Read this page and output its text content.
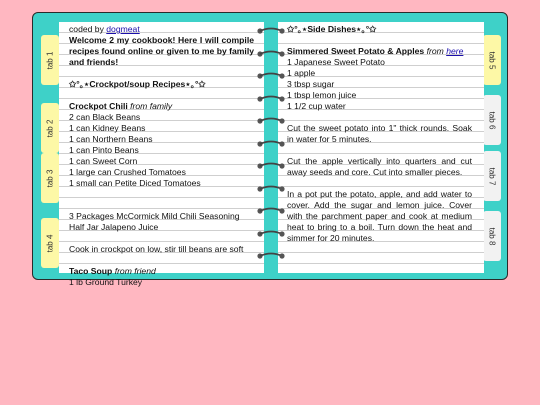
tab 1
tab 2
tab 3
tab 4
tab 5
tab 6
tab 7
tab 8
coded by dogmeat
Welcome 2 my cookbook! Here I will compile recipes found online or given to me by family and friends!
✩°｡⋆Crockpot/soup Recipes⋆｡°✩
Crockpot Chili from family
2 can Black Beans
1 can Kidney Beans
1 can Northern Beans
1 can Pinto Beans
1 can Sweet Corn
1 large can Crushed Tomatoes
1 small can Petite Diced Tomatoes
3 Packages McCormick Mild Chili Seasoning
Half Jar Jalapeno Juice
Cook in crockpot on low, stir till beans are soft
Taco Soup from friend
1 lb Ground Turkey
✩°｡⋆Side Dishes⋆｡°✩
Simmered Sweet Potato & Apples from here
1 Japanese Sweet Potato
1 apple
3 tbsp sugar
1 tbsp lemon juice
1 1/2 cup water
Cut the sweet potato into 1" thick rounds. Soak in water for 5 minutes.
Cut the apple vertically into quarters and cut away seeds and core. Cut into smaller pieces.
In a pot put the potato, apple, and add water to cover. Add the sugar and lemon juice. Cover with the parchment paper and cook at medium heat to bring to a boil. Turn down the heat and simmer for 20 minutes.
